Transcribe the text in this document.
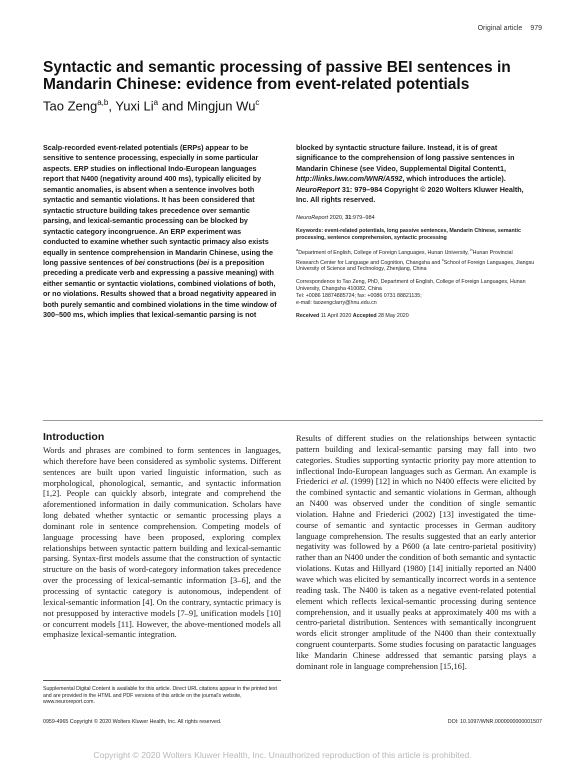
Original article 979
Syntactic and semantic processing of passive BEI sentences in Mandarin Chinese: evidence from event-related potentials
Tao Zeng$^{a,b}$, Yuxi Li$^a$ and Mingjun Wu$^c$
Scalp-recorded event-related potentials (ERPs) appear to be sensitive to sentence processing, especially in some particular aspects. ERP studies on inflectional Indo-European languages report that N400 (negativity around 400 ms), typically elicited by semantic anomalies, is absent when a sentence involves both syntactic and semantic violations. It has been considered that syntactic structure building takes precedence over semantic parsing, and lexical-semantic processing can be blocked by syntactic category incongruence. An ERP experiment was conducted to examine whether such syntactic primacy also exists equally in sentence comprehension in Mandarin Chinese, using the long passive sentences of bei constructions (bei is a preposition preceding a predicate verb and expressing a passive meaning) with either semantic or syntactic violations, combined violations of both, or no violations. Results showed that a broad negativity appeared in both purely semantic and combined violations in the time window of 300–500 ms, which implies that lexical-semantic parsing is not
blocked by syntactic structure failure. Instead, it is of great significance to the comprehension of long passive sentences in Mandarin Chinese (see Video, Supplemental Digital Content1, http://links.lww.com/WNR/A592, which introduces the article). NeuroReport 31: 979–984 Copyright © 2020 Wolters Kluwer Health, Inc. All rights reserved.
NeuroReport 2020, 31:979–984
Keywords: event-related potentials, long passive sentences, Mandarin Chinese, semantic processing, sentence comprehension, syntactic processing
$^a$Department of English, College of Foreign Languages, Hunan University, $^b$Hunan Provincial Research Center for Language and Cognition, Changsha and $^c$School of Foreign Languages, Jiangsu University of Science and Technology, Zhenjiang, China
Correspondence to Tao Zeng, PhD, Department of English, College of Foreign Languages, Hunan University, Changsha 410082, China
Tel: +0086 18874885724; fax: +0086 0731 88821135;
e-mail: taozengclarry@hnu.edu.cn
Received 11 April 2020 Accepted 28 May 2020
Introduction

Words and phrases are combined to form sentences in languages, which therefore have been considered as symbolic systems. Different sentences are built upon varied linguistic information, such as morphological, phonological, semantic, and syntactic information [1,2]. People can quickly absorb, integrate and comprehend the aforementioned information in daily communication. Scholars have long debated whether syntactic or semantic processing plays a dominant role in sentence comprehension. Competing models of language processing have been proposed, exploring complex relationships between syntactic pattern building and lexical-semantic parsing. Syntax-first models assume that the construction of syntactic structure on the basis of word-category information takes precedence over the processing of lexical-semantic information [3–6], and the processing of syntactic category is autonomous, independent of lexical-semantic information [4]. On the contrary, syntactic primacy is not presupposed by interactive models [7–9], unification models [10] or concurrent models [11]. However, the above-mentioned models all emphasize lexical-semantic integration.

Results of different studies on the relationships between syntactic pattern building and lexical-semantic parsing may fall into two categories. Studies supporting syntactic priority pay more attention to inflectional Indo-European languages such as German. An example is Friederici et al. (1999) [12] in which no N400 effects were elicited by the combined syntactic and semantic violations in German, although an N400 was observed under the condition of single semantic violation. Hahne and Friederici (2002) [13] investigated the time-course of semantic and syntactic processes in German auditory language comprehension. The results suggested that an early anterior negativity was followed by a P600 (a late centro-parietal positivity) rather than an N400 under the condition of both semantic and syntactic violations. Kutas and Hillyard (1980) [14] initially reported an N400 wave which was elicited by semantically incorrect words in a sentence reading task. The N400 is taken as a negative event-related potential element which reflects lexical-semantic processing during sentence comprehension, and it usually peaks at approximately 400 ms with a centro-parietal distribution. Sentences with semantically incongruent words elicit stronger amplitude of the N400 than their contextually congruent counterparts. Some studies focusing on paratactic languages like Mandarin Chinese addressed that semantic parsing plays a dominant role in language comprehension [15,16].

Supplemental Digital Content is available for this article. Direct URL citations appear in the printed text and are provided in the HTML and PDF versions of this article on the journal's website, www.neuroreport.com.
0959-4965 Copyright © 2020 Wolters Kluwer Health, Inc. All rights reserved.	DOI: 10.1097/WNR.0000000000001507
Copyright © 2020 Wolters Kluwer Health, Inc. Unauthorized reproduction of this article is prohibited.
